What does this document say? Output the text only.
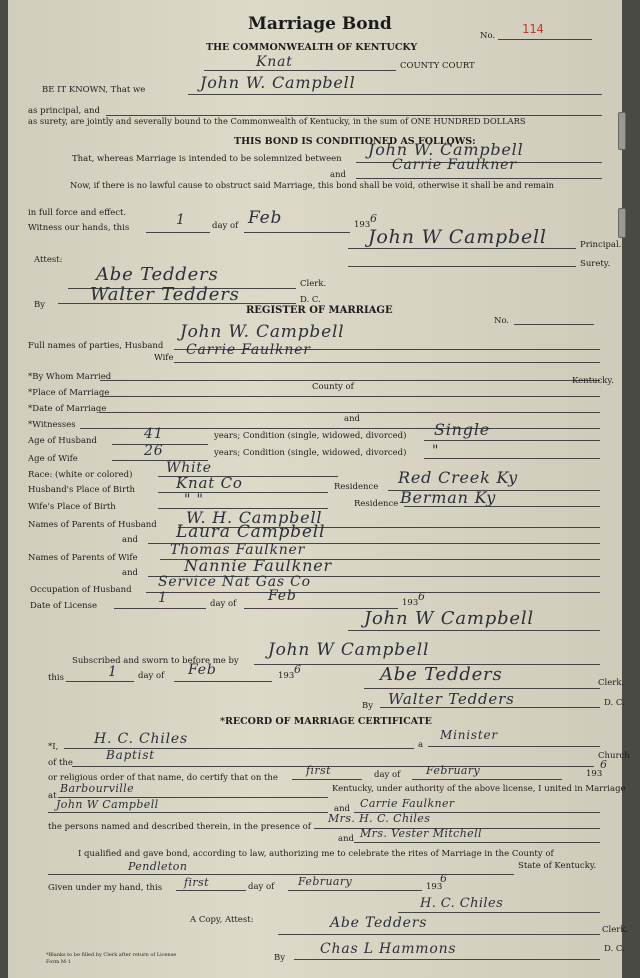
Marriage Bond
No. 114
THE COMMONWEALTH OF KENTUCKY
Knat	COUNTY COURT
BE IT KNOWN, That we	John W. Campbell
as principal, and
as surety, are jointly and severally bound to the Commonwealth of Kentucky, in the sum of ONE HUNDRED DOLLARS
THIS BOND IS CONDITIONED AS FOLLOWS:
That, whereas Marriage is intended to be solemnized between John W. Campbell
and
Carrie Faulkner
Now, if there is no lawful cause to obstruct said Marriage, this bond shall be void, otherwise it shall be and remain
in full force and effect.
Witness our hands, this	1	day of Feb	193 6
John W Campbell	Principal.
Attest:	Surety.
Abe Tedders	Clerk.
By Walter Tedders	D. C.
REGISTER OF MARRIAGE
No.
Full names of parties, Husband
John W. Campbell
Wife Carrie Faulkner
*By Whom Married
County of
Kentucky.
*Place of Marriage
*Date of Marriage
*Witnesses
and
Age of Husband	41	years; Condition (single, widowed, divorced) Single
Age of Wife	26	years; Condition (single, widowed, divorced) "
Race: (white or colored) White
Husband's Place of Birth	Knat Co	Residence Red Creek Ky
Wife's Place of Birth	" "	Residence Berman Ky
Names of Parents of Husband W. H. Campbell
and Laura Campbell
Names of Parents of Wife Thomas Faulkner
and	Nannie Faulkner
Occupation of Husband Service Nat Gas Co
Date of License	1	day of Feb	193 6
John W Campbell
Subscribed and sworn to before me by
John W Campbell
this	1 day of Feb	193 6	Abe Tedders	Clerk.
By Walter Tedders	D. C.
*RECORD OF MARRIAGE CERTIFICATE
*I,	H. C. Chiles	a
Minister
of the
Baptist	Church
or religious order of that name, do certify that on the
first	day of February	193
6
at
Barbourville	Kentucky, under authority of the above license, I united in Marriage
John W Campbell	and Carrie Faulkner
the persons named and described therein, in the presence of
Mrs. H. C. Chiles
and Mrs. Vester Mitchell
I qualified and gave bond, according to law, authorizing me to celebrate the rites of Marriage in the County of
Pendleton	State of Kentucky.
Given under my hand, this first	day of February	193
6
H. C. Chiles
A Copy, Attest:	Abe Tedders	Clerk.
By
Chas L Hammons	D. C.
*Blanks to be filled by Clerk after return of License
Form M-1
